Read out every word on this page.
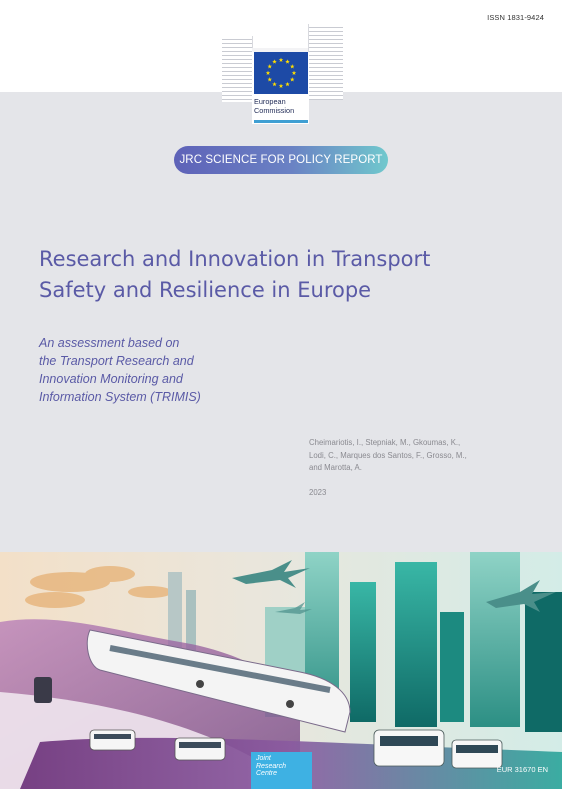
ISSN 1831-9424
European
Commission
JRC SCIENCE FOR POLICY REPORT
Research and Innovation in Transport
Safety and Resilience in Europe

An assessment based on
the Transport Research and
Innovation Monitoring and
Information System (TRIMIS)

Cheimariotis, I., Stepniak, M., Gkoumas, K.,
Lodi, C., Marques dos Santos, F., Grosso, M.,
and Marotta, A.

2023

Joint
Research
Centre	EUR 31670 EN
